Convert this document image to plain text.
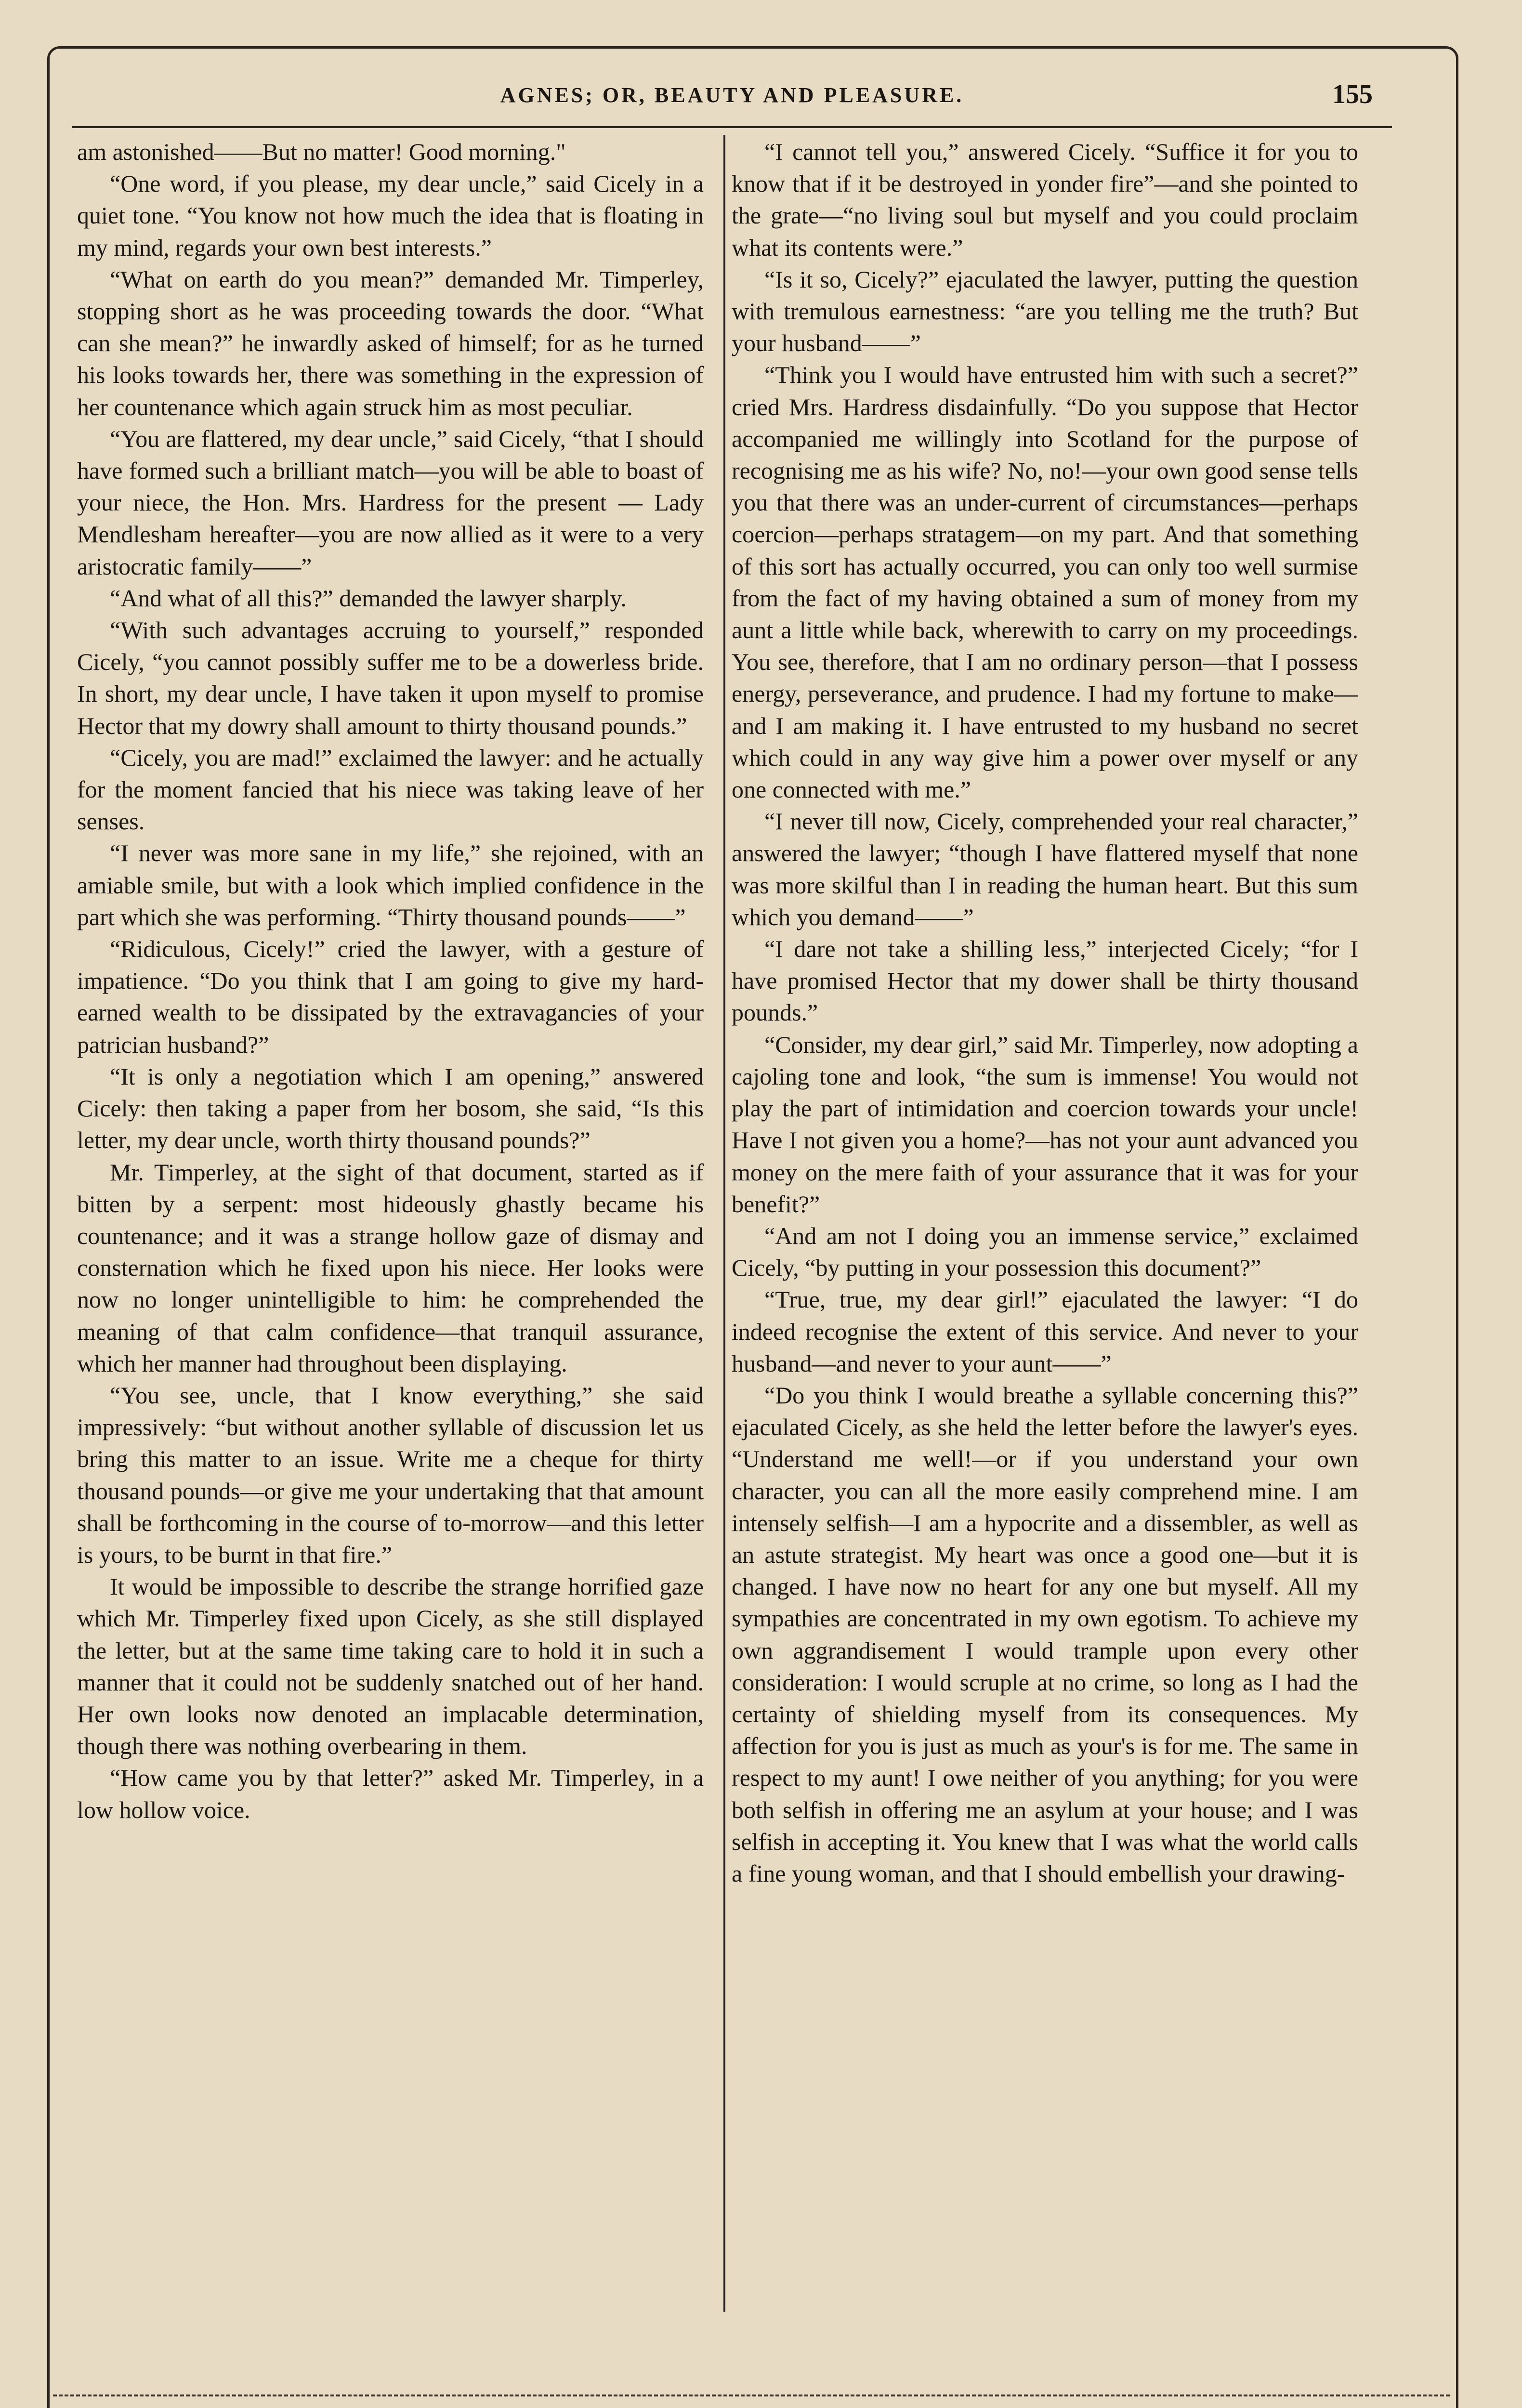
AGNES; OR, BEAUTY AND PLEASURE.	155

am astonished——But no matter! Good morning."

“One word, if you please, my dear uncle,” said Cicely in a quiet tone. “You know not how much the idea that is floating in my mind, regards your own best interests.”

“What on earth do you mean?” demanded Mr. Timperley, stopping short as he was proceeding towards the door. “What can she mean?” he inwardly asked of himself; for as he turned his looks towards her, there was something in the expression of her countenance which again struck him as most peculiar.

“You are flattered, my dear uncle,” said Cicely, “that I should have formed such a brilliant match—you will be able to boast of your niece, the Hon. Mrs. Hardress for the present — Lady Mendlesham hereafter—you are now allied as it were to a very aristocratic family——”

“And what of all this?” demanded the lawyer sharply.

“With such advantages accruing to yourself,” responded Cicely, “you cannot possibly suffer me to be a dowerless bride. In short, my dear uncle, I have taken it upon myself to promise Hector that my dowry shall amount to thirty thousand pounds.”

“Cicely, you are mad!” exclaimed the lawyer: and he actually for the moment fancied that his niece was taking leave of her senses.

“I never was more sane in my life,” she rejoined, with an amiable smile, but with a look which implied confidence in the part which she was performing. “Thirty thousand pounds——”

“Ridiculous, Cicely!” cried the lawyer, with a gesture of impatience. “Do you think that I am going to give my hard-earned wealth to be dissipated by the extravagancies of your patrician husband?”

“It is only a negotiation which I am opening,” answered Cicely: then taking a paper from her bosom, she said, “Is this letter, my dear uncle, worth thirty thousand pounds?”

Mr. Timperley, at the sight of that document, started as if bitten by a serpent: most hideously ghastly became his countenance; and it was a strange hollow gaze of dismay and consternation which he fixed upon his niece. Her looks were now no longer unintelligible to him: he comprehended the meaning of that calm confidence—that tranquil assurance, which her manner had throughout been displaying.

“You see, uncle, that I know everything,” she said impressively: “but without another syllable of discussion let us bring this matter to an issue. Write me a cheque for thirty thousand pounds—or give me your undertaking that that amount shall be forthcoming in the course of to-morrow—and this letter is yours, to be burnt in that fire.”

It would be impossible to describe the strange horrified gaze which Mr. Timperley fixed upon Cicely, as she still displayed the letter, but at the same time taking care to hold it in such a manner that it could not be suddenly snatched out of her hand. Her own looks now denoted an implacable determination, though there was nothing overbearing in them.

“How came you by that letter?” asked Mr. Timperley, in a low hollow voice.

“I cannot tell you,” answered Cicely. “Suffice it for you to know that if it be destroyed in yonder fire”—and she pointed to the grate—“no living soul but myself and you could proclaim what its contents were.”

“Is it so, Cicely?” ejaculated the lawyer, putting the question with tremulous earnestness: “are you telling me the truth? But your husband——”

“Think you I would have entrusted him with such a secret?” cried Mrs. Hardress disdainfully. “Do you suppose that Hector accompanied me willingly into Scotland for the purpose of recognising me as his wife? No, no!—your own good sense tells you that there was an under-current of circumstances—perhaps coercion—perhaps stratagem—on my part. And that something of this sort has actually occurred, you can only too well surmise from the fact of my having obtained a sum of money from my aunt a little while back, wherewith to carry on my proceedings. You see, therefore, that I am no ordinary person—that I possess energy, perseverance, and prudence. I had my fortune to make—and I am making it. I have entrusted to my husband no secret which could in any way give him a power over myself or any one connected with me.”

“I never till now, Cicely, comprehended your real character,” answered the lawyer; “though I have flattered myself that none was more skilful than I in reading the human heart. But this sum which you demand——”

“I dare not take a shilling less,” interjected Cicely; “for I have promised Hector that my dower shall be thirty thousand pounds.”

“Consider, my dear girl,” said Mr. Timperley, now adopting a cajoling tone and look, “the sum is immense! You would not play the part of intimidation and coercion towards your uncle! Have I not given you a home?—has not your aunt advanced you money on the mere faith of your assurance that it was for your benefit?”

“And am not I doing you an immense service,” exclaimed Cicely, “by putting in your possession this document?”

“True, true, my dear girl!” ejaculated the lawyer: “I do indeed recognise the extent of this service. And never to your husband—and never to your aunt——”

“Do you think I would breathe a syllable concerning this?” ejaculated Cicely, as she held the letter before the lawyer's eyes. “Understand me well!—or if you understand your own character, you can all the more easily comprehend mine. I am intensely selfish—I am a hypocrite and a dissembler, as well as an astute strategist. My heart was once a good one—but it is changed. I have now no heart for any one but myself. All my sympathies are concentrated in my own egotism. To achieve my own aggrandisement I would trample upon every other consideration: I would scruple at no crime, so long as I had the certainty of shielding myself from its consequences. My affection for you is just as much as your's is for me. The same in respect to my aunt! I owe neither of you anything; for you were both selfish in offering me an asylum at your house; and I was selfish in accepting it. You knew that I was what the world calls a fine young woman, and that I should embellish your drawing-
